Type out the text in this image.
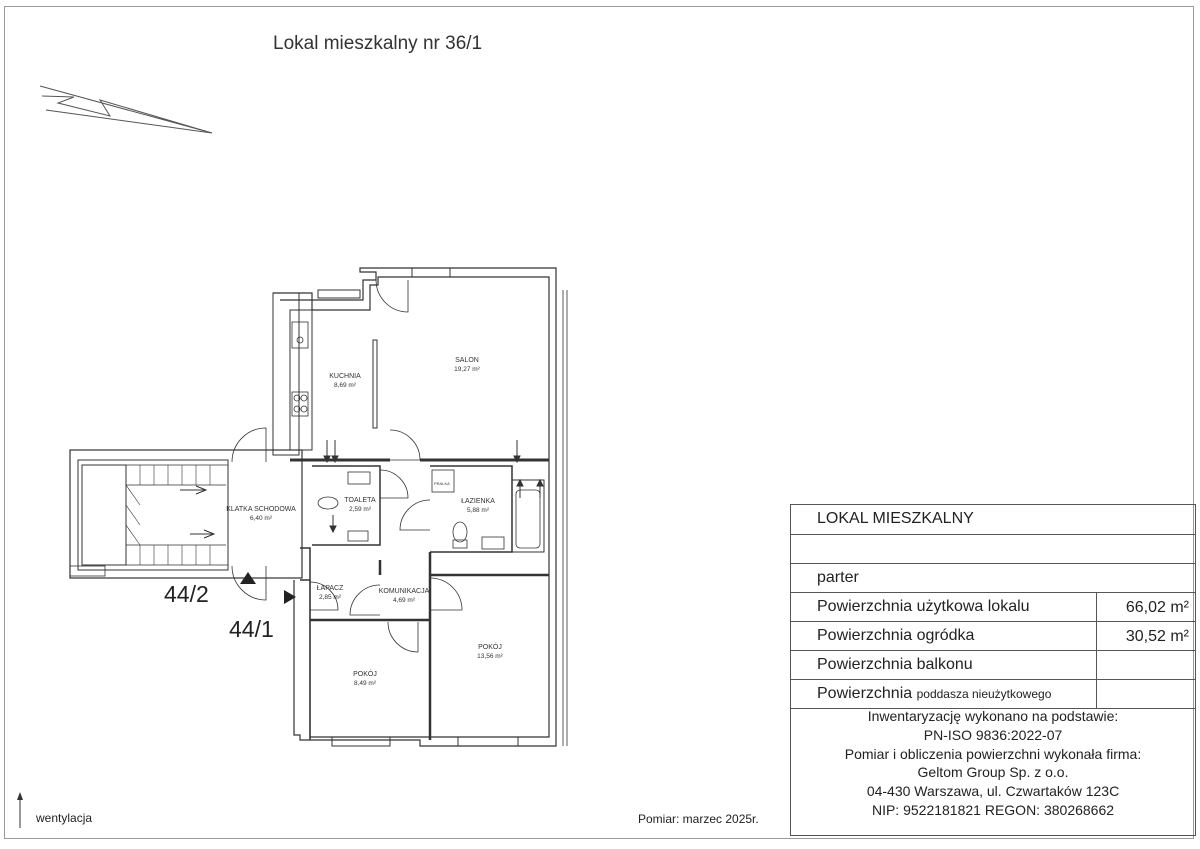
Lokal mieszkalny nr 36/1
PRALKA
KUCHNIA
8,69 m²
SALON
19,27 m²
KLATKA SCHODOWA
6,40 m²
TOALETA
2,59 m²
ŁAZIENKA
5,88 m²
ŁAPACZ
2,85 m²
KOMUNIKACJA
4,69 m²
POKÓJ
13,56 m²
POKÓJ
8,49 m²
44/2
44/1
wentylacja	Pomiar: marzec 2025r.
LOKAL MIESZKALNY
parter
Powierzchnia użytkowa lokalu	66,02 m²
Powierzchnia ogródka	30,52 m²
Powierzchnia balkonu
Powierzchnia poddasza nieużytkowego
Inwentaryzację wykonano na podstawie:
PN-ISO 9836:2022-07
Pomiar i obliczenia powierzchni wykonała firma:
Geltom Group Sp. z o.o.
04-430 Warszawa, ul. Czwartaków 123C
NIP: 9522181821 REGON: 380268662
